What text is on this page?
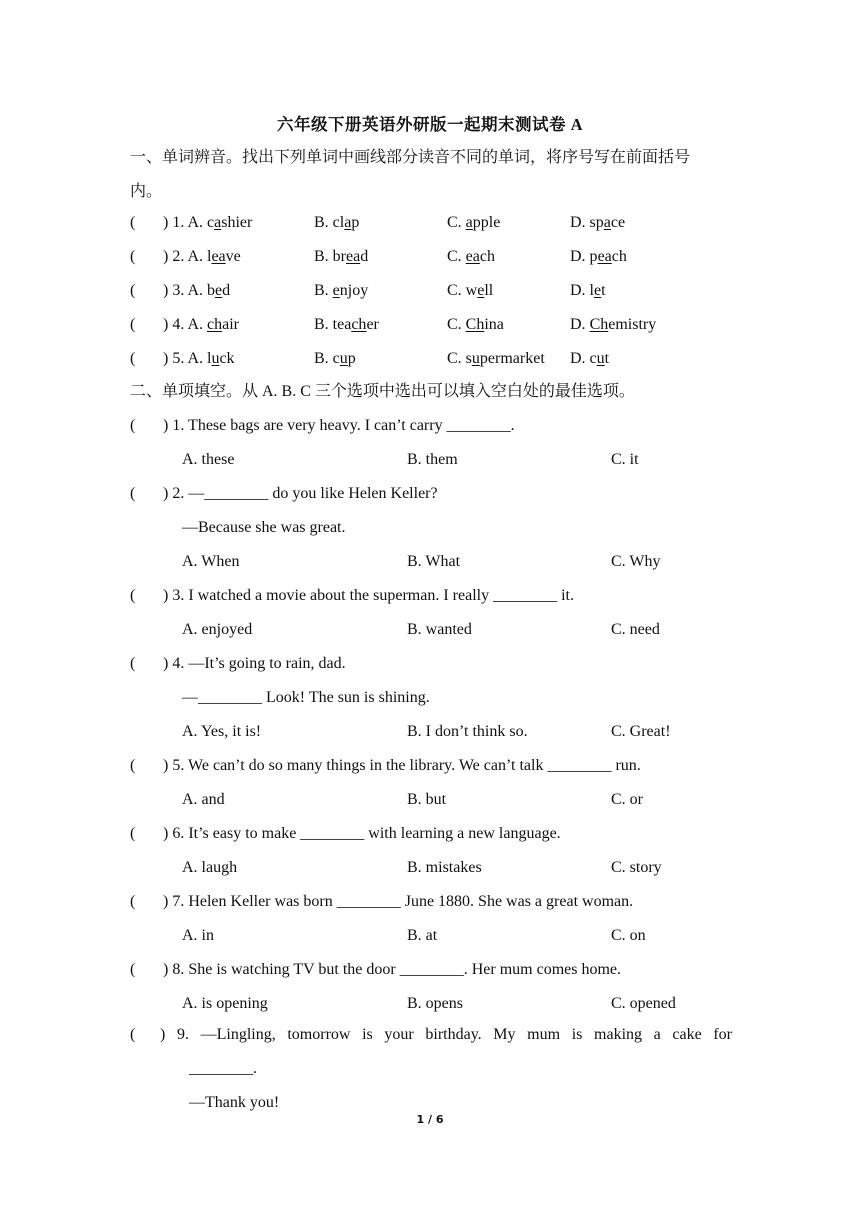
六年级下册英语外研版一起期末测试卷 A
一、单词辨音。找出下列单词中画线部分读音不同的单词，将序号写在前面括号
内。
( ) 1. A. cashier	B. clap	C. apple	D. space
( ) 2. A. leave	B. bread	C. each	D. peach
( ) 3. A. bed	B. enjoy	C. well	D. let
( ) 4. A. chair	B. teacher	C. China	D. Chemistry
( ) 5. A. luck	B. cup	C. supermarket D. cut
二、单项填空。从 A. B. C 三个选项中选出可以填入空白处的最佳选项。
( ) 1. These bags are very heavy. I can’t carry ________.
A. these	B. them	C. it
( ) 2. —________ do you like Helen Keller?
—Because she was great.
A. When	B. What	C. Why
( ) 3. I watched a movie about the superman. I really ________ it.
A. enjoyed	B. wanted	C. need
( ) 4. —It’s going to rain, dad.
—________ Look! The sun is shining.
A. Yes, it is!	B. I don’t think so.	C. Great!
( ) 5. We can’t do so many things in the library. We can’t talk ________ run.
A. and	B. but	C. or
( ) 6. It’s easy to make ________ with learning a new language.
A. laugh	B. mistakes	C. story
( ) 7. Helen Keller was born ________ June 1880. She was a great woman.
A. in	B. at	C. on
( ) 8. She is watching TV but the door ________. Her mum comes home.
A. is opening	B. opens	C. opened
( ) 9. —Lingling, tomorrow is your birthday. My mum is making a cake for
________.
—Thank you!
1 / 6
